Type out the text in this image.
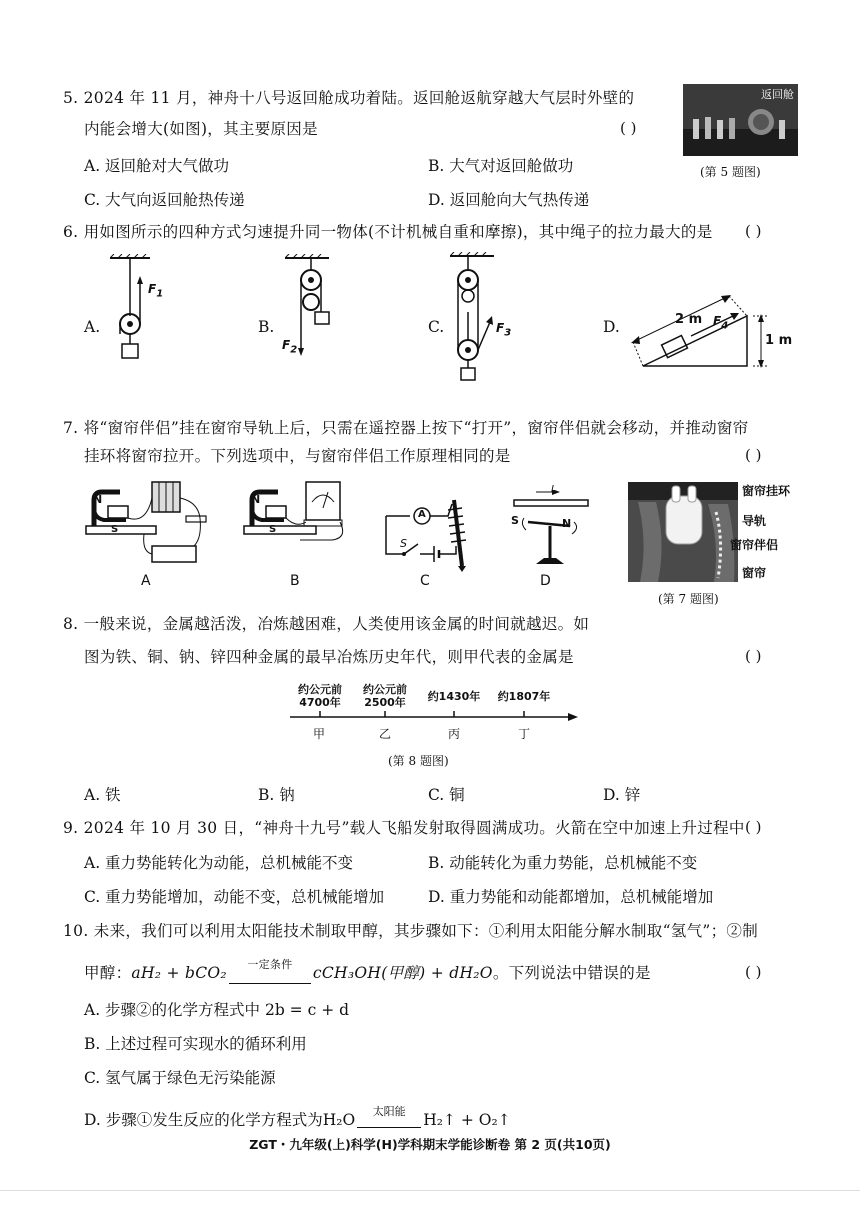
5. 2024 年 11 月，神舟十八号返回舱成功着陆。返回舱返航穿越大气层时外壁的
内能会增大(如图)，其主要原因是	( )
返回舱
(第 5 题图)
A. 返回舱对大气做功	B. 大气对返回舱做功
C. 大气向返回舱热传递	D. 返回舱向大气热传递
6. 用如图所示的四种方式匀速提升同一物体(不计机械自重和摩擦)，其中绳子的拉力最大的是 ( )
A.	B.	C.	D.
$F_1$
$F_2$
$F_3$
2 m $F_4$
1 m
7. 将“窗帘伴侣”挂在窗帘导轨上后，只需在遥控器上按下“打开”，窗帘伴侣就会移动，并推动窗帘
挂环将窗帘拉开。下列选项中，与窗帘伴侣工作原理相同的是	( )
N
S
A
N
S
B
A
S
C
I
S	N
D
窗帘挂环
导轨
窗帘伴侣
窗帘
(第 7 题图)
8. 一般来说，金属越活泼，冶炼越困难，人类使用该金属的时间就越迟。如
图为铁、铜、钠、锌四种金属的最早冶炼历史年代，则甲代表的金属是	( )
约公元前
4700年
约公元前
2500年	约1430年	约1807年
甲	乙	丙	丁
(第 8 题图)
A. 铁	B. 钠	C. 铜	D. 锌
9. 2024 年 10 月 30 日，“神舟十九号”载人飞船发射取得圆满成功。火箭在空中加速上升过程中 ( )
A. 重力势能转化为动能，总机械能不变	B. 动能转化为重力势能，总机械能不变
C. 重力势能增加，动能不变，总机械能增加	D. 重力势能和动能都增加，总机械能增加
10. 未来，我们可以利用太阳能技术制取甲醇，其步骤如下：①利用太阳能分解水制取“氢气”；②制
甲醇：aH₂ + bCO₂ $^{一定条件}$ cCH₃OH(甲醇) + dH₂O。下列说法中错误的是	( )
A. 步骤②的化学方程式中 2b = c + d
B. 上述过程可实现水的循环利用
C. 氢气属于绿色无污染能源
D. 步骤①发生反应的化学方程式为H₂O $^{太阳能}$ H₂↑ + O₂↑
ZGT・九年级(上)科学(H)学科期末学能诊断卷 第 2 页(共10页)
